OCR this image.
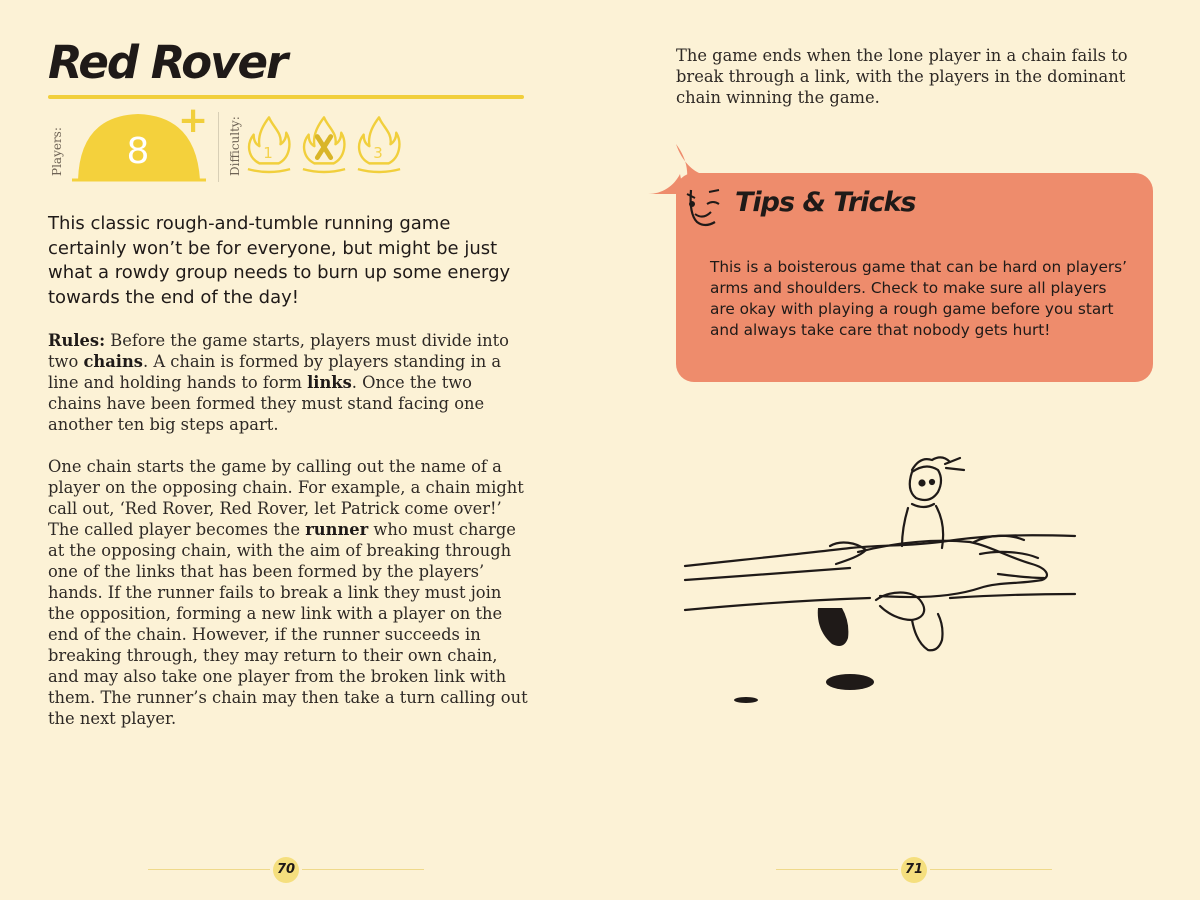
Red Rover
Players:	8
+ Difficulty:	1	3

This classic rough-and-tumble running game certainly won’t be for everyone, but might be just what a rowdy group needs to burn up some energy towards the end of the day!

Rules: Before the game starts, players must divide into two chains. A chain is formed by players standing in a line and holding hands to form links. Once the two chains have been formed they must stand facing one another ten big steps apart.

One chain starts the game by calling out the name of a player on the opposing chain. For example, a chain might call out, ‘Red Rover, Red Rover, let Patrick come over!’ The called player becomes the runner who must charge at the opposing chain, with the aim of breaking through one of the links that has been formed by the players’ hands. If the runner fails to break a link they must join the opposition, forming a new link with a player on the end of the chain. However, if the runner succeeds in breaking through, they may return to their own chain, and may also take one player from the broken link with them. The runner’s chain may then take a turn calling out the next player.

70

The game ends when the lone player in a chain fails to break through a link, with the players in the dominant chain winning the game.

Tips & Tricks

This is a boisterous game that can be hard on players’ arms and shoulders. Check to make sure all players are okay with playing a rough game before you start and always take care that nobody gets hurt!

71
